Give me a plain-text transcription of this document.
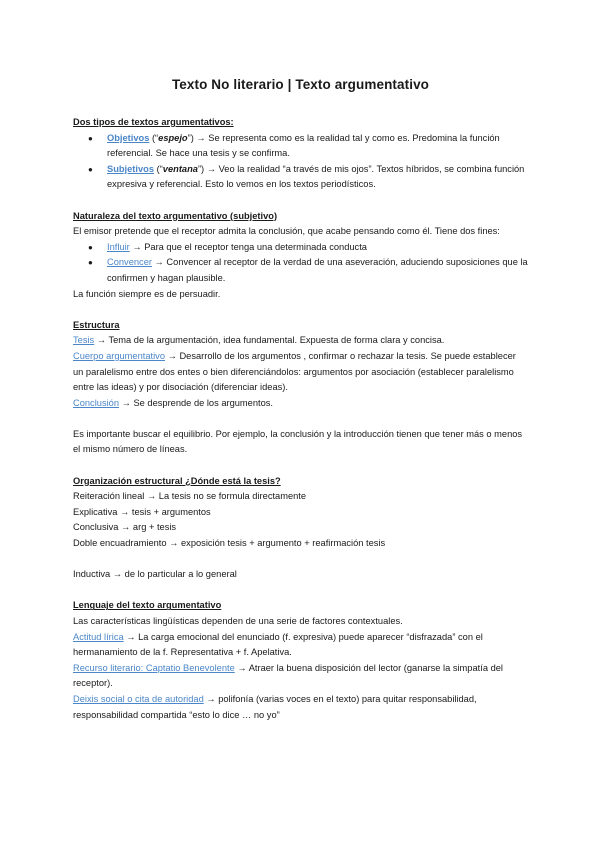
Texto No literario | Texto argumentativo

Dos tipos de textos argumentativos:

● Objetivos (“espejo”) → Se representa como es la realidad tal y como es. Predomina la función referencial. Se hace una tesis y se confirma.
● Subjetivos (“ventana”) → Veo la realidad “a través de mis ojos”. Textos híbridos, se combina función expresiva y referencial. Esto lo vemos en los textos periodísticos.

Naturaleza del texto argumentativo (subjetivo)

El emisor pretende que el receptor admita la conclusión, que acabe pensando como él. Tiene dos fines:

● Influir → Para que el receptor tenga una determinada conducta
● Convencer → Convencer al receptor de la verdad de una aseveración, aduciendo suposiciones que la confirmen y hagan plausible.

La función siempre es de persuadir.

Estructura

Tesis → Tema de la argumentación, idea fundamental. Expuesta de forma clara y concisa.

Cuerpo argumentativo → Desarrollo de los argumentos , confirmar o rechazar la tesis. Se puede establecer un paralelismo entre dos entes o bien diferenciándolos: argumentos por asociación (establecer paralelismo entre las ideas) y por disociación (diferenciar ideas).

Conclusión → Se desprende de los argumentos.

Es importante buscar el equilibrio. Por ejemplo, la conclusión y la introducción tienen que tener más o menos el mismo número de líneas.

Organización estructural ¿Dónde está la tesis?

Reiteración lineal → La tesis no se formula directamente

Explicativa → tesis + argumentos

Conclusiva → arg + tesis

Doble encuadramiento → exposición tesis + argumento + reafirmación tesis

Inductiva → de lo particular a lo general

Lenguaje del texto argumentativo

Las características lingüísticas dependen de una serie de factores contextuales.

Actitud lírica → La carga emocional del enunciado (f. expresiva) puede aparecer “disfrazada” con el hermanamiento de la f. Representativa + f. Apelativa.

Recurso literario: Captatio Benevolente → Atraer la buena disposición del lector (ganarse la simpatía del receptor).

Deixis social o cita de autoridad → polifonía (varias voces en el texto) para quitar responsabilidad, responsabilidad compartida “esto lo dice … no yo”
